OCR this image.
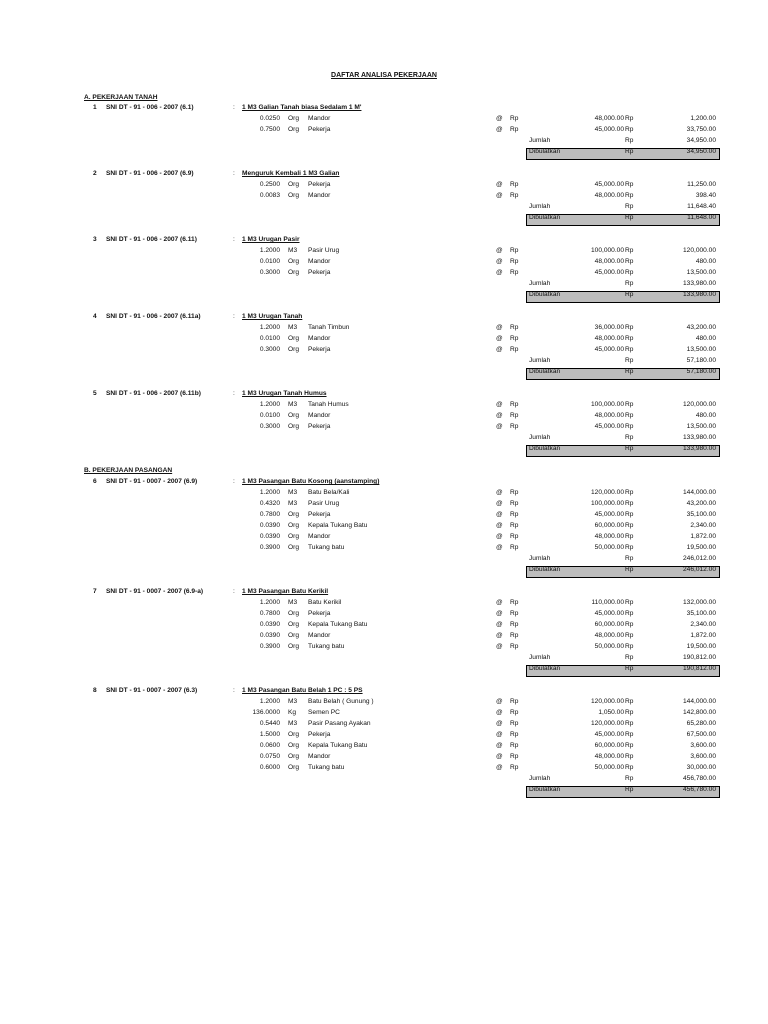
DAFTAR ANALISA PEKERJAAN
A. PEKERJAAN TANAH
B. PEKERJAAN PASANGAN
1 SNI DT - 91 - 006 - 2007 (6.1)	: 1 M3 Galian Tanah biasa Sedalam 1 M'
0.0250 Org Mandor	@ Rp	48,000.00 Rp	1,200.00
0.7500 Org Pekerja	@ Rp	45,000.00 Rp	33,750.00
Jumlah	Rp	34,950.00
Dibulatkan	Rp	34,950.00
2 SNI DT - 91 - 006 - 2007 (6.9)	: Menguruk Kembali 1 M3 Galian
0.2500 Org Pekerja	@ Rp	45,000.00 Rp	11,250.00
0.0083 Org Mandor	@ Rp	48,000.00 Rp	398.40
Jumlah	Rp	11,648.40
Dibulatkan	Rp	11,648.00
3 SNI DT - 91 - 006 - 2007 (6.11)	: 1 M3 Urugan Pasir
1.2000 M3 Pasir Urug	@ Rp	100,000.00 Rp	120,000.00
0.0100 Org Mandor	@ Rp	48,000.00 Rp	480.00
0.3000 Org Pekerja	@ Rp	45,000.00 Rp	13,500.00
Jumlah	Rp	133,980.00
Dibulatkan	Rp	133,980.00
4 SNI DT - 91 - 006 - 2007 (6.11a)	: 1 M3 Urugan Tanah
1.2000 M3 Tanah Timbun	@ Rp	36,000.00 Rp	43,200.00
0.0100 Org Mandor	@ Rp	48,000.00 Rp	480.00
0.3000 Org Pekerja	@ Rp	45,000.00 Rp	13,500.00
Jumlah	Rp	57,180.00
Dibulatkan	Rp	57,180.00
5 SNI DT - 91 - 006 - 2007 (6.11b)	: 1 M3 Urugan Tanah Humus
1.2000 M3 Tanah Humus	@ Rp	100,000.00 Rp	120,000.00
0.0100 Org Mandor	@ Rp	48,000.00 Rp	480.00
0.3000 Org Pekerja	@ Rp	45,000.00 Rp	13,500.00
Jumlah	Rp	133,980.00
Dibulatkan	Rp	133,980.00
6 SNI DT - 91 - 0007 - 2007 (6.9)	: 1 M3 Pasangan Batu Kosong (aanstamping)
1.2000 M3 Batu Bela/Kali	@ Rp	120,000.00 Rp	144,000.00
0.4320 M3 Pasir Urug	@ Rp	100,000.00 Rp	43,200.00
0.7800 Org Pekerja	@ Rp	45,000.00 Rp	35,100.00
0.0390 Org Kepala Tukang Batu	@ Rp	60,000.00 Rp	2,340.00
0.0390 Org Mandor	@ Rp	48,000.00 Rp	1,872.00
0.3900 Org Tukang batu	@ Rp	50,000.00 Rp	19,500.00
Jumlah	Rp	246,012.00
Dibulatkan	Rp	246,012.00
7 SNI DT - 91 - 0007 - 2007 (6.9-a)	: 1 M3 Pasangan Batu Kerikil
1.2000 M3 Batu Kerikil	@ Rp	110,000.00 Rp	132,000.00
0.7800 Org Pekerja	@ Rp	45,000.00 Rp	35,100.00
0.0390 Org Kepala Tukang Batu	@ Rp	60,000.00 Rp	2,340.00
0.0390 Org Mandor	@ Rp	48,000.00 Rp	1,872.00
0.3900 Org Tukang batu	@ Rp	50,000.00 Rp	19,500.00
Jumlah	Rp	190,812.00
Dibulatkan	Rp	190,812.00
8 SNI DT - 91 - 0007 - 2007 (6.3)	: 1 M3 Pasangan Batu Belah 1 PC : 5 PS
1.2000 M3 Batu Belah ( Gunung )	@ Rp	120,000.00 Rp	144,000.00
136.0000 Kg Semen PC	@ Rp	1,050.00 Rp	142,800.00
0.5440 M3 Pasir Pasang Ayakan	@ Rp	120,000.00 Rp	65,280.00
1.5000 Org Pekerja	@ Rp	45,000.00 Rp	67,500.00
0.0600 Org Kepala Tukang Batu	@ Rp	60,000.00 Rp	3,600.00
0.0750 Org Mandor	@ Rp	48,000.00 Rp	3,600.00
0.6000 Org Tukang batu	@ Rp	50,000.00 Rp	30,000.00
Jumlah	Rp	456,780.00
Dibulatkan	Rp	456,780.00
